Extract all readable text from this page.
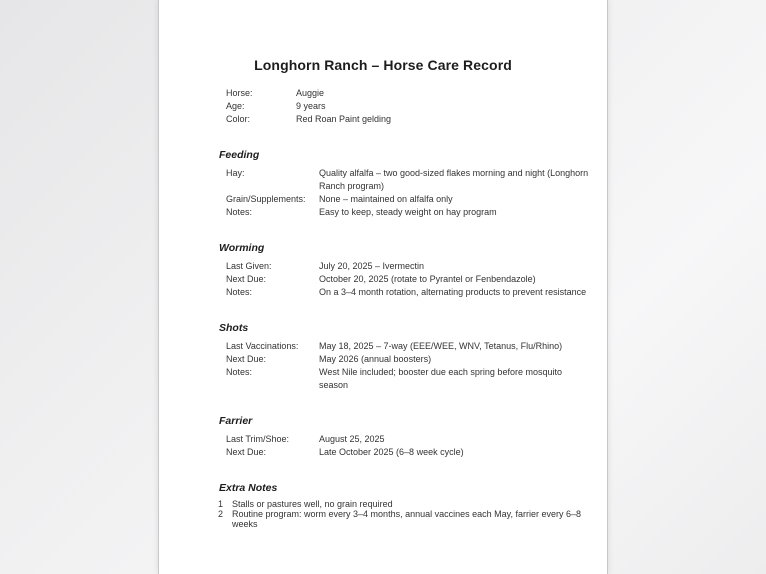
Longhorn Ranch – Horse Care Record
Horse:	Auggie
Age:	9 years
Color:	Red Roan Paint gelding
Feeding
Hay:	Quality alfalfa – two good-sized flakes morning and night (Longhorn Ranch program)
Grain/Supplements:	None – maintained on alfalfa only
Notes:	Easy to keep, steady weight on hay program
Worming
Last Given:	July 20, 2025 – Ivermectin
Next Due:	October 20, 2025 (rotate to Pyrantel or Fenbendazole)
Notes:	On a 3–4 month rotation, alternating products to prevent resistance
Shots
Last Vaccinations:	May 18, 2025 – 7-way (EEE/WEE, WNV, Tetanus, Flu/Rhino)
Next Due:	May 2026 (annual boosters)
Notes:	West Nile included; booster due each spring before mosquito season
Farrier
Last Trim/Shoe:	August 25, 2025
Next Due:	Late October 2025 (6–8 week cycle)
Extra Notes
1 Stalls or pastures well, no grain required
2 Routine program: worm every 3–4 months, annual vaccines each May, farrier every 6–8 weeks
